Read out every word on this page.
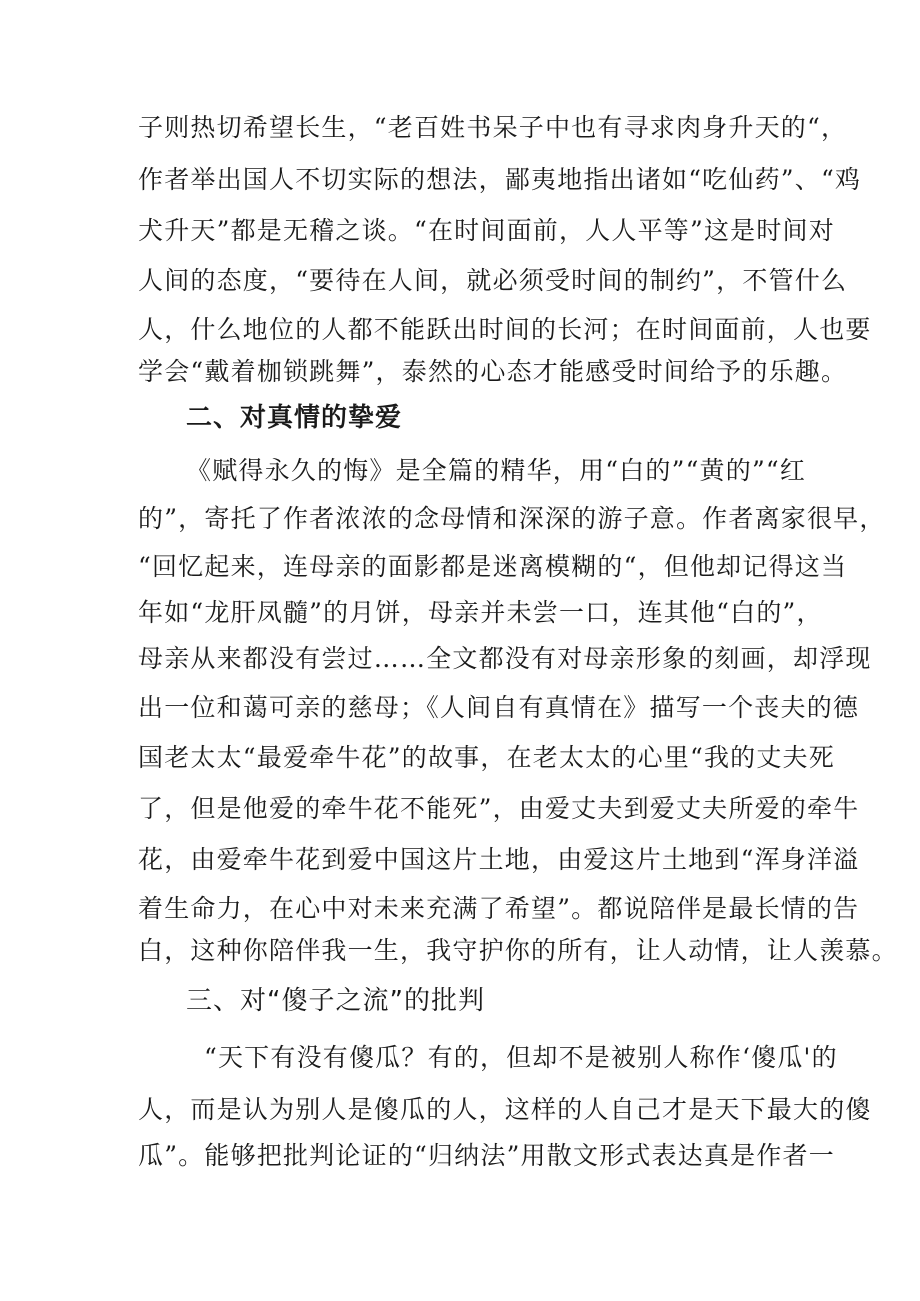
子则热切希望长生，“老百姓书呆子中也有寻求肉身升天的“，
作者举出国人不切实际的想法，鄙夷地指出诸如“吃仙药”、“鸡
犬升天”都是无稽之谈。“在时间面前，人人平等”这是时间对
人间的态度，“要待在人间，就必须受时间的制约”，不管什么
人，什么地位的人都不能跃出时间的长河；在时间面前，人也要
学会“戴着枷锁跳舞”，泰然的心态才能感受时间给予的乐趣。
二、对真情的挚爱
《赋得永久的悔》是全篇的精华，用“白的”“黄的”“红
的”，寄托了作者浓浓的念母情和深深的游子意。作者离家很早，
“回忆起来，连母亲的面影都是迷离模糊的“，但他却记得这当
年如“龙肝凤髓”的月饼，母亲并未尝一口，连其他“白的”，
母亲从来都没有尝过……全文都没有对母亲形象的刻画，却浮现
出一位和蔼可亲的慈母；《人间自有真情在》描写一个丧夫的德
国老太太“最爱牵牛花”的故事，在老太太的心里“我的丈夫死
了，但是他爱的牵牛花不能死”，由爱丈夫到爱丈夫所爱的牵牛
花，由爱牵牛花到爱中国这片土地，由爱这片土地到“浑身洋溢
着生命力，在心中对未来充满了希望”。都说陪伴是最长情的告
白，这种你陪伴我一生，我守护你的所有，让人动情，让人羡慕。
三、对“傻子之流”的批判
“天下有没有傻瓜？有的，但却不是被别人称作‘傻瓜'的
人，而是认为别人是傻瓜的人，这样的人自己才是天下最大的傻
瓜”。能够把批判论证的“归纳法”用散文形式表达真是作者一
